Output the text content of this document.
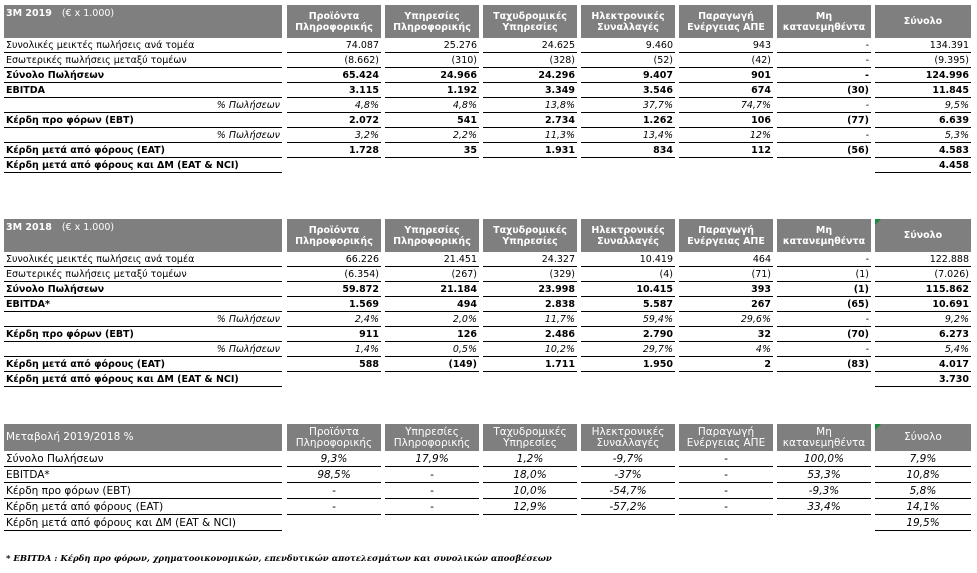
3M 2019 (€ x 1.000)		Προϊόντα Πληροφορικής		Υπηρεσίες Πληροφορικής		Ταχυδρομικές Υπηρεσίες		Ηλεκτρονικές Συναλλαγές		Παραγωγή Ενέργειας ΑΠΕ		Μη κατανεμηθέντα		Σύνολο

Συνολικές μεικτές πωλήσεις ανά τομέα		74.087		25.276		24.625		9.460		943		-		134.391
Εσωτερικές πωλήσεις μεταξύ τομέων		(8.662)		(310)		(328)		(52)		(42)		-		(9.395)
Σύνολο Πωλήσεων		65.424		24.966		24.296		9.407		901		-		124.996
EBITDA		3.115		1.192		3.349		3.546		674		(30)		11.845
% Πωλήσεων		4,8%		4,8%		13,8%		37,7%		74,7%		-		9,5%
Κέρδη προ φόρων (EBT)		2.072		541		2.734		1.262		106		(77)		6.639
% Πωλήσεων		3,2%		2,2%		11,3%		13,4%		12%		-		5,3%
Κέρδη μετά από φόρους (EAT)		1.728		35		1.931		834		112		(56)		4.583
Κέρδη μετά από φόρους και ΔΜ (EAT & NCI)														4.458
3M 2018 (€ x 1.000)		Προϊόντα Πληροφορικής		Υπηρεσίες Πληροφορικής		Ταχυδρομικές Υπηρεσίες		Ηλεκτρονικές Συναλλαγές		Παραγωγή Ενέργειας ΑΠΕ		Μη κατανεμηθέντα		Σύνολο

Συνολικές μεικτές πωλήσεις ανά τομέα		66.226		21.451		24.327		10.419		464		-		122.888
Εσωτερικές πωλήσεις μεταξύ τομέων		(6.354)		(267)		(329)		(4)		(71)		(1)		(7.026)
Σύνολο Πωλήσεων		59.872		21.184		23.998		10.415		393		(1)		115.862
EBITDA*		1.569		494		2.838		5.587		267		(65)		10.691
% Πωλήσεων		2,4%		2,0%		11,7%		59,4%		29,6%		-		9,2%
Κέρδη προ φόρων (EBT)		911		126		2.486		2.790		32		(70)		6.273
% Πωλήσεων		1,4%		0,5%		10,2%		29,7%		4%		-		5,4%
Κέρδη μετά από φόρους (EAT)		588		(149)		1.711		1.950		2		(83)		4.017
Κέρδη μετά από φόρους και ΔΜ (EAT & NCI)														3.730
Μεταβολή 2019/2018 %		Προϊόντα Πληροφορικής		Υπηρεσίες Πληροφορικής		Ταχυδρομικές Υπηρεσίες		Ηλεκτρονικές Συναλλαγές		Παραγωγή Ενέργειας ΑΠΕ		Μη κατανεμηθέντα		Σύνολο

Σύνολο Πωλήσεων		9,3%		17,9%		1,2%		-9,7%		-		100,0%		7,9%
EBITDA*		98,5%		-		18,0%		-37%		-		53,3%		10,8%
Κέρδη προ φόρων (EBT)		-		-		10,0%		-54,7%		-		-9,3%		5,8%
Κέρδη μετά από φόρους (EAT)		-		-		12,9%		-57,2%		-		33,4%		14,1%
Κέρδη μετά από φόρους και ΔΜ (EAT & NCI)														19,5%
* EBITDA : Κέρδη προ φόρων, χρηματοοικονομικών, επενδυτικών αποτελεσμάτων και συνολικών αποσβέσεων
